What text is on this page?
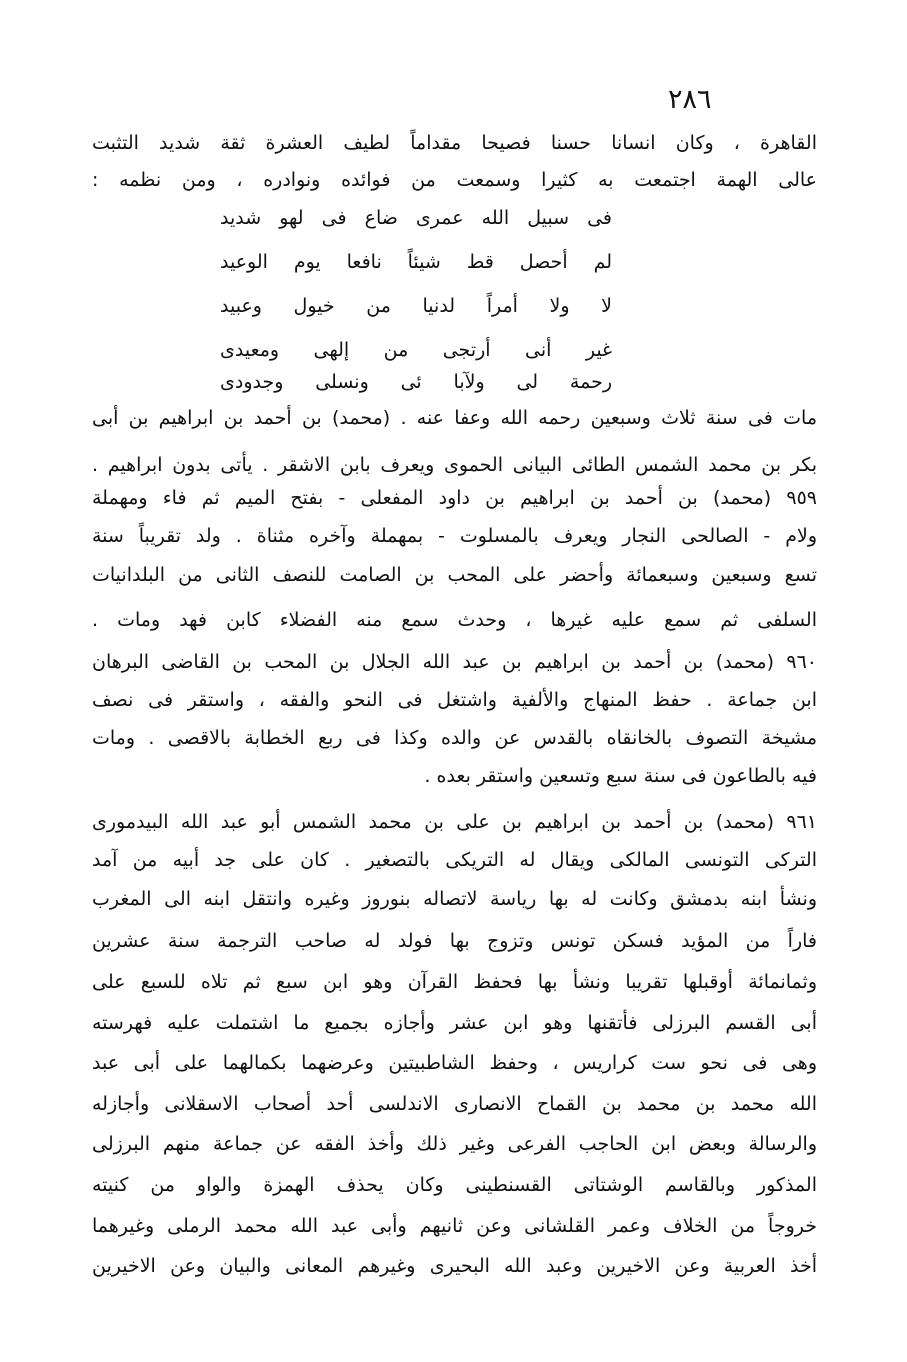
٢٨٦
القاهرة ، وكان انسانا حسنا فصيحا مقداماً لطيف العشرة ثقة شديد التثبت
عالى الهمة اجتمعت به كثيرا وسمعت من فوائده ونوادره ، ومن نظمه :
فى سبيل الله عمرى ضاع فى لهو شديد
لم أحصل قط شيئاً نافعا يوم الوعيد
لا ولا أمراً لدنيا من خيول وعبيد
غير أنى أرتجى من إلهى ومعيدى
رحمة لى ولآبا ئى ونسلى وجدودى
مات فى سنة ثلاث وسبعين رحمه الله وعفا عنه . (محمد) بن أحمد بن ابراهيم بن أبى
بكر بن محمد الشمس الطائى البيانى الحموى ويعرف بابن الاشقر . يأتى بدون ابراهيم .
٩٥٩ (محمد) بن أحمد بن ابراهيم بن داود المفعلى - بفتح الميم ثم فاء ومهملة
ولام - الصالحى النجار ويعرف بالمسلوت - بمهملة وآخره مثناة . ولد تقريباً سنة
تسع وسبعين وسبعمائة وأحضر على المحب بن الصامت للنصف الثانى من البلدانيات
السلفى ثم سمع عليه غيرها ، وحدث سمع منه الفضلاء كابن فهد ومات .
٩٦٠ (محمد) بن أحمد بن ابراهيم بن عبد الله الجلال بن المحب بن القاضى البرهان
ابن جماعة . حفظ المنهاج والألفية واشتغل فى النحو والفقه ، واستقر فى نصف
مشيخة التصوف بالخانقاه بالقدس عن والده وكذا فى ربع الخطابة بالاقصى . ومات
فيه بالطاعون فى سنة سبع وتسعين واستقر بعده .
٩٦١ (محمد) بن أحمد بن ابراهيم بن على بن محمد الشمس أبو عبد الله البيدمورى
التركى التونسى المالكى ويقال له التريكى بالتصغير . كان على جد أبيه من آمد
ونشأ ابنه بدمشق وكانت له بها رياسة لاتصاله بنوروز وغيره وانتقل ابنه الى المغرب
فاراً من المؤيد فسكن تونس وتزوج بها فولد له صاحب الترجمة سنة عشرين
وثمانمائة أوقبلها تقريبا ونشأ بها فحفظ القرآن وهو ابن سبع ثم تلاه للسبع على
أبى القسم البرزلى فأتقنها وهو ابن عشر وأجازه بجميع ما اشتملت عليه فهرسته
وهى فى نحو ست كراريس ، وحفظ الشاطبيتين وعرضهما بكمالهما على أبى عبد
الله محمد بن محمد بن القماح الانصارى الاندلسى أحد أصحاب الاسقلانى وأجازله
والرسالة وبعض ابن الحاجب الفرعى وغير ذلك وأخذ الفقه عن جماعة منهم البرزلى
المذكور وبالقاسم الوشتاتى القسنطينى وكان يحذف الهمزة والواو من كنيته
خروجاً من الخلاف وعمر القلشانى وعن ثانيهم وأبى عبد الله محمد الرملى وغيرهما
أخذ العربية وعن الاخيرين وعبد الله البحيرى وغيرهم المعانى والبيان وعن الاخيرين
